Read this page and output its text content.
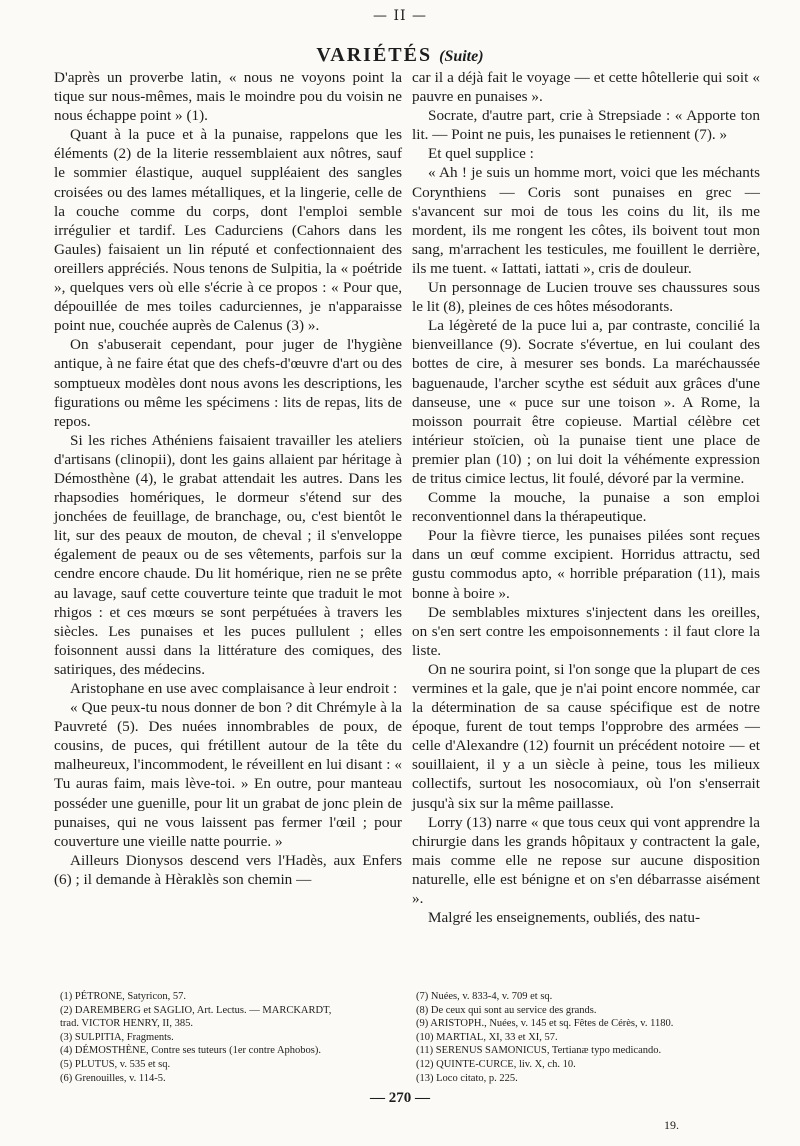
— II —
VARIÉTÉS (Suite)

D'après un proverbe latin, « nous ne voyons point la tique sur nous-mêmes, mais le moindre pou du voisin ne nous échappe point » (1).

Quant à la puce et à la punaise, rappelons que les éléments (2) de la literie ressemblaient aux nôtres, sauf le sommier élastique, auquel suppléaient des sangles croisées ou des lames métalliques, et la lingerie, celle de la couche comme du corps, dont l'emploi semble irrégulier et tardif. Les Cadurciens (Cahors dans les Gaules) faisaient un lin réputé et confectionnaient des oreillers appréciés. Nous tenons de Sulpitia, la « poétride », quelques vers où elle s'écrie à ce propos : « Pour que, dépouillée de mes toiles cadurciennes, je n'apparaisse point nue, couchée auprès de Calenus (3) ».

On s'abuserait cependant, pour juger de l'hygiène antique, à ne faire état que des chefs-d'œuvre d'art ou des somptueux modèles dont nous avons les descriptions, les figurations ou même les spécimens : lits de repas, lits de repos.

Si les riches Athéniens faisaient travailler les ateliers d'artisans (clinopii), dont les gains allaient par héritage à Démosthène (4), le grabat attendait les autres. Dans les rhapsodies homériques, le dormeur s'étend sur des jonchées de feuillage, de branchage, ou, c'est bientôt le lit, sur des peaux de mouton, de cheval ; il s'enveloppe également de peaux ou de ses vêtements, parfois sur la cendre encore chaude. Du lit homérique, rien ne se prête au lavage, sauf cette couverture teinte que traduit le mot rhigos : et ces mœurs se sont perpétuées à travers les siècles. Les punaises et les puces pullulent ; elles foisonnent aussi dans la littérature des comiques, des satiriques, des médecins.

Aristophane en use avec complaisance à leur endroit :

« Que peux-tu nous donner de bon ? dit Chrémyle à la Pauvreté (5). Des nuées innombrables de poux, de cousins, de puces, qui frétillent autour de la tête du malheureux, l'incommodent, le réveillent en lui disant : « Tu auras faim, mais lève-toi. » En outre, pour manteau posséder une guenille, pour lit un grabat de jonc plein de punaises, qui ne vous laissent pas fermer l'œil ; pour couverture une vieille natte pourrie. »

Ailleurs Dionysos descend vers l'Hadès, aux Enfers (6) ; il demande à Hèraklès son chemin —

car il a déjà fait le voyage — et cette hôtellerie qui soit « pauvre en punaises ».

Socrate, d'autre part, crie à Strepsiade : « Apporte ton lit. — Point ne puis, les punaises le retiennent (7). »

Et quel supplice :

« Ah ! je suis un homme mort, voici que les méchants Corynthiens — Coris sont punaises en grec — s'avancent sur moi de tous les coins du lit, ils me mordent, ils me rongent les côtes, ils boivent tout mon sang, m'arrachent les testicules, me fouillent le derrière, ils me tuent. « Iattati, iattati », cris de douleur.

Un personnage de Lucien trouve ses chaussures sous le lit (8), pleines de ces hôtes mésodorants.

La légèreté de la puce lui a, par contraste, concilié la bienveillance (9). Socrate s'évertue, en lui coulant des bottes de cire, à mesurer ses bonds. La maréchaussée baguenaude, l'archer scythe est séduit aux grâces d'une danseuse, une « puce sur une toison ». A Rome, la moisson pourrait être copieuse. Martial célèbre cet intérieur stoïcien, où la punaise tient une place de premier plan (10) ; on lui doit la véhémente expression de tritus cimice lectus, lit foulé, dévoré par la vermine.

Comme la mouche, la punaise a son emploi reconventionnel dans la thérapeutique.

Pour la fièvre tierce, les punaises pilées sont reçues dans un œuf comme excipient. Horridus attractu, sed gustu commodus apto, « horrible préparation (11), mais bonne à boire ».

De semblables mixtures s'injectent dans les oreilles, on s'en sert contre les empoisonnements : il faut clore la liste.

On ne sourira point, si l'on songe que la plupart de ces vermines et la gale, que je n'ai point encore nommée, car la détermination de sa cause spécifique est de notre époque, furent de tout temps l'opprobre des armées — celle d'Alexandre (12) fournit un précédent notoire — et souillaient, il y a un siècle à peine, tous les milieux collectifs, surtout les nosocomiaux, où l'on s'enserrait jusqu'à six sur la même paillasse.

Lorry (13) narre « que tous ceux qui vont apprendre la chirurgie dans les grands hôpitaux y contractent la gale, mais comme elle ne repose sur aucune disposition naturelle, elle est bénigne et on s'en débarrasse aisément ».

Malgré les enseignements, oubliés, des natu-

(1) PÉTRONE, Satyricon, 57.
(2) DAREMBERG et SAGLIO, Art. Lectus. — MARCKARDT,
trad. VICTOR HENRY, II, 385.
(3) SULPITIA, Fragments.
(4) DÉMOSTHÈNE, Contre ses tuteurs (1er contre Aphobos).
(5) PLUTUS, v. 535 et sq.
(6) Grenouilles, v. 114-5.
(7) Nuées, v. 833-4, v. 709 et sq.
(8) De ceux qui sont au service des grands.
(9) ARISTOPH., Nuées, v. 145 et sq. Fêtes de Cérès, v. 1180.
(10) MARTIAL, XI, 33 et XI, 57.
(11) SERENUS SAMONICUS, Tertianæ typo medicando.
(12) QUINTE-CURCE, liv. X, ch. 10.
(13) Loco citato, p. 225.
— 270 —
19.
